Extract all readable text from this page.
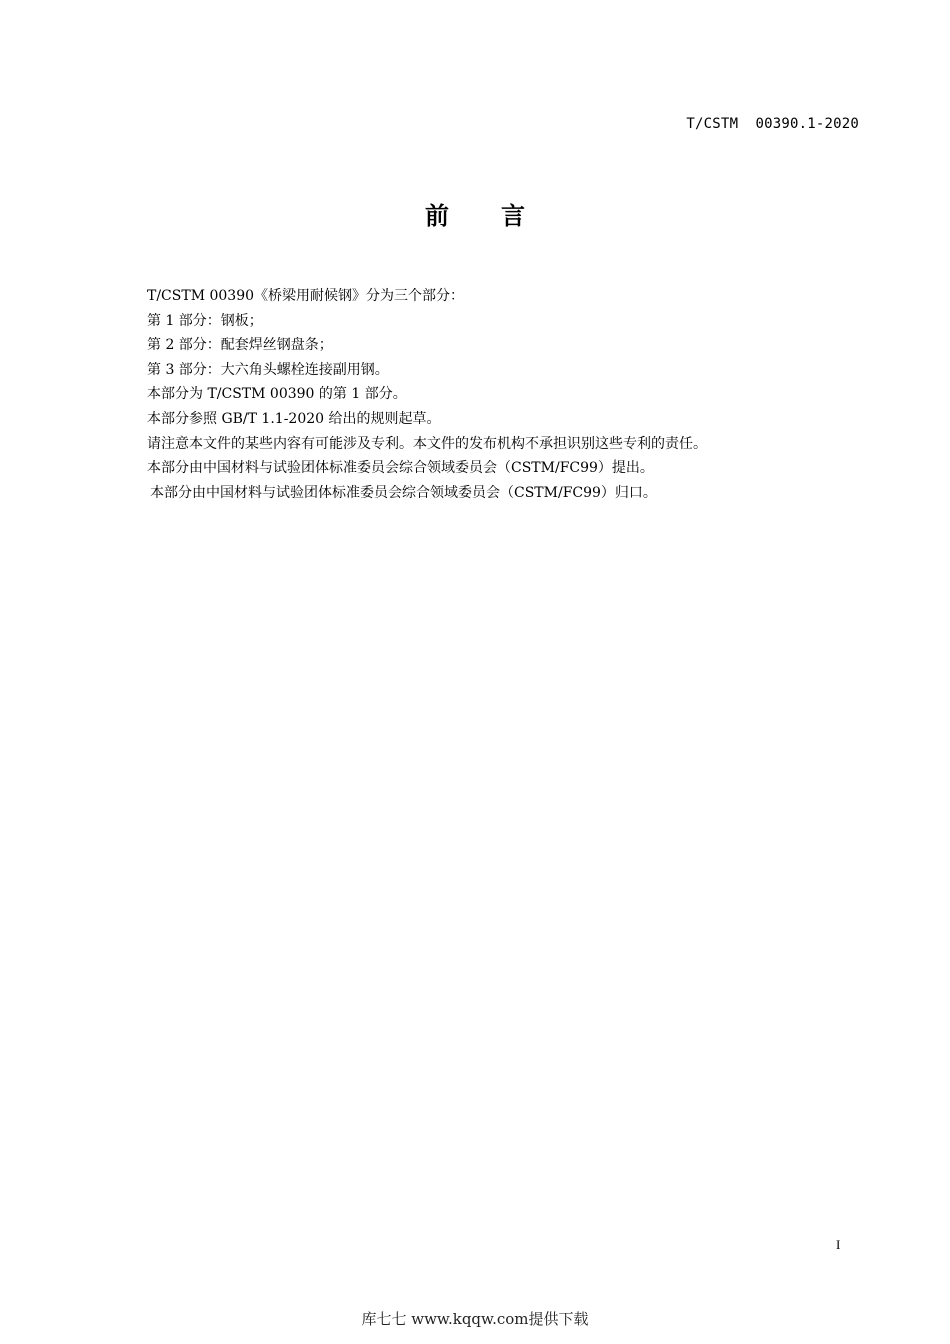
T/CSTM  00390.1-2020
前 言
T/CSTM 00390《桥梁用耐候钢》分为三个部分：
第 1 部分：钢板；
第 2 部分：配套焊丝钢盘条；
第 3 部分：大六角头螺栓连接副用钢。
本部分为 T/CSTM 00390 的第 1 部分。
本部分参照 GB/T 1.1-2020 给出的规则起草。
请注意本文件的某些内容有可能涉及专利。本文件的发布机构不承担识别这些专利的责任。
本部分由中国材料与试验团体标准委员会综合领域委员会（CSTM/FC99）提出。
本部分由中国材料与试验团体标准委员会综合领域委员会（CSTM/FC99）归口。
I
库七七 www.kqqw.com提供下载
